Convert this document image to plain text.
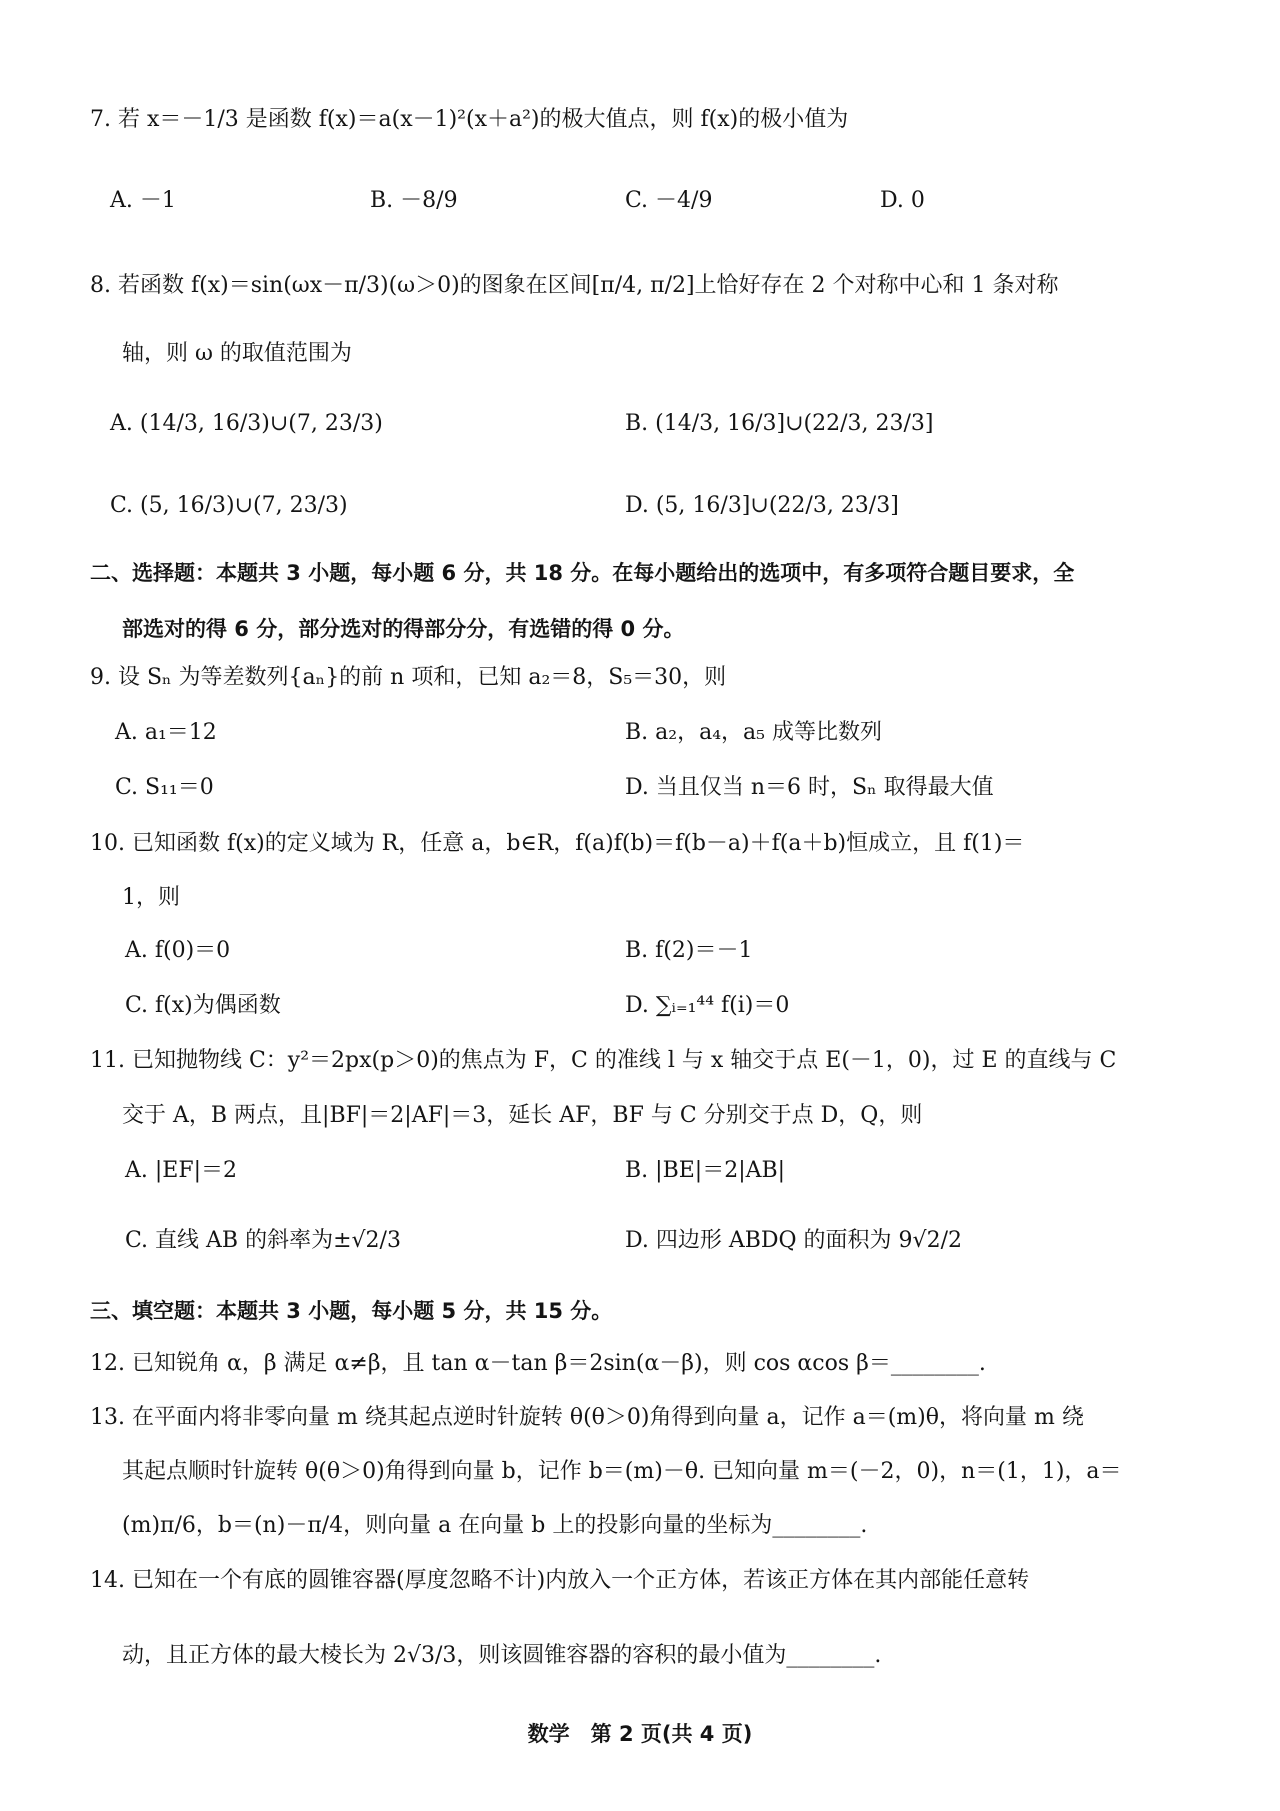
7. 若 x＝－1/3 是函数 f(x)＝a(x－1)²(x＋a²)的极大值点，则 f(x)的极小值为
A. －1	B. －8/9	C. －4/9	D. 0
8. 若函数 f(x)＝sin(ωx－π/3)(ω＞0)的图象在区间[π/4, π/2]上恰好存在 2 个对称中心和 1 条对称
轴，则 ω 的取值范围为
A. (14/3, 16/3)∪(7, 23/3)	B. (14/3, 16/3]∪(22/3, 23/3]
C. (5, 16/3)∪(7, 23/3)	D. (5, 16/3]∪(22/3, 23/3]
二、选择题：本题共 3 小题，每小题 6 分，共 18 分。在每小题给出的选项中，有多项符合题目要求，全
部选对的得 6 分，部分选对的得部分分，有选错的得 0 分。
9. 设 Sₙ 为等差数列{aₙ}的前 n 项和，已知 a₂＝8，S₅＝30，则
A. a₁＝12	B. a₂，a₄，a₅ 成等比数列
C. S₁₁＝0	D. 当且仅当 n＝6 时，Sₙ 取得最大值
10. 已知函数 f(x)的定义域为 R，任意 a，b∈R，f(a)f(b)＝f(b－a)＋f(a＋b)恒成立，且 f(1)＝
1，则
A. f(0)＝0	B. f(2)＝－1
C. f(x)为偶函数	D. ∑ᵢ₌₁⁴⁴ f(i)＝0
11. 已知抛物线 C：y²＝2px(p＞0)的焦点为 F，C 的准线 l 与 x 轴交于点 E(－1，0)，过 E 的直线与 C
交于 A，B 两点，且|BF|＝2|AF|＝3，延长 AF，BF 与 C 分别交于点 D，Q，则
A. |EF|＝2	B. |BE|＝2|AB|
C. 直线 AB 的斜率为±√2/3	D. 四边形 ABDQ 的面积为 9√2/2
三、填空题：本题共 3 小题，每小题 5 分，共 15 分。
12. 已知锐角 α，β 满足 α≠β，且 tan α－tan β＝2sin(α－β)，则 cos αcos β＝________.
13. 在平面内将非零向量 m 绕其起点逆时针旋转 θ(θ＞0)角得到向量 a，记作 a＝(m)θ，将向量 m 绕
其起点顺时针旋转 θ(θ＞0)角得到向量 b，记作 b＝(m)－θ. 已知向量 m＝(－2，0)，n＝(1，1)，a＝
(m)π/6，b＝(n)－π/4，则向量 a 在向量 b 上的投影向量的坐标为________.
14. 已知在一个有底的圆锥容器(厚度忽略不计)内放入一个正方体，若该正方体在其内部能任意转
动，且正方体的最大棱长为 2√3/3，则该圆锥容器的容积的最小值为________.
数学　第 2 页(共 4 页)
